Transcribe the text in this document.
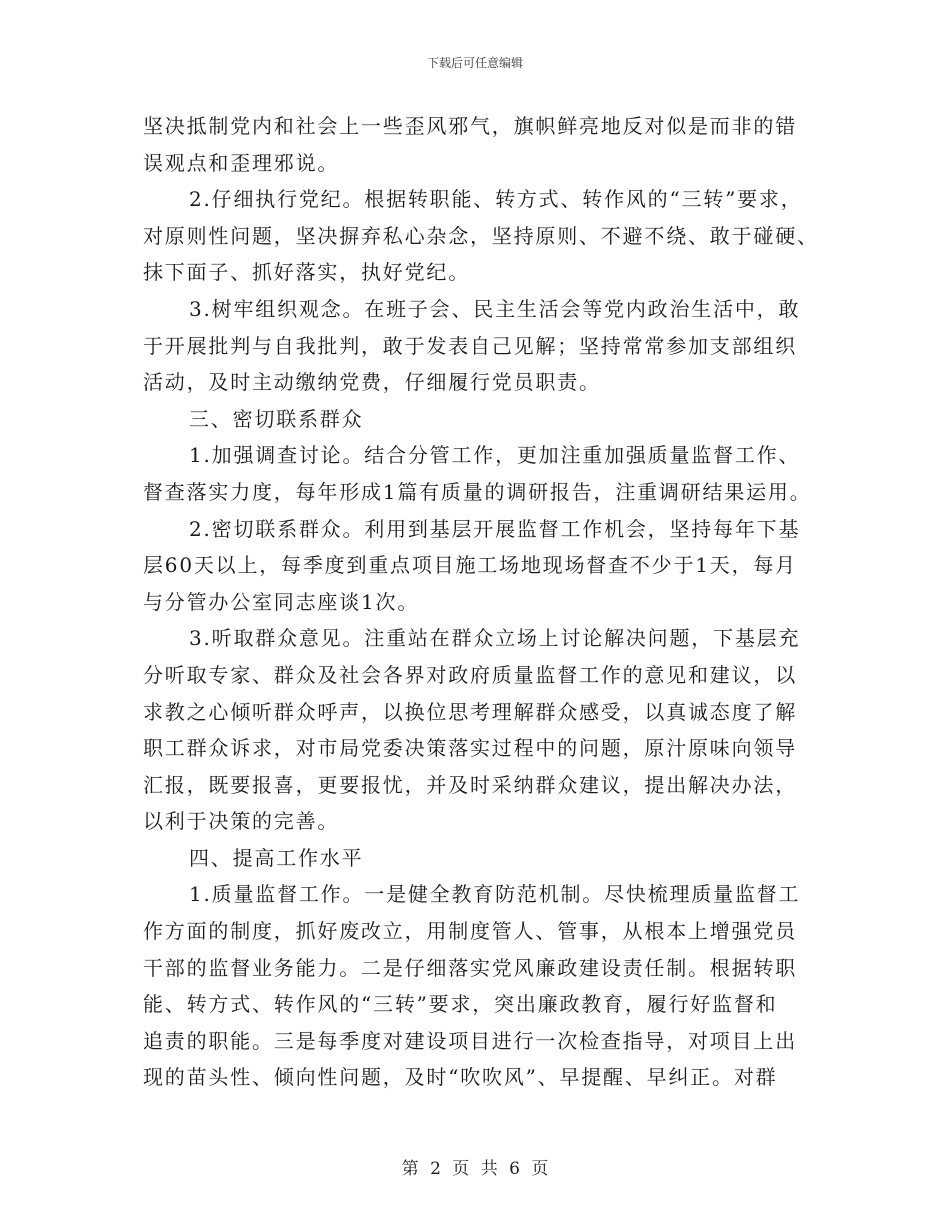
下载后可任意编辑
坚决抵制党内和社会上一些歪风邪气，旗帜鲜亮地反对似是而非的错
误观点和歪理邪说。
2.仔细执行党纪。根据转职能、转方式、转作风的“三转”要求，
对原则性问题，坚决摒弃私心杂念，坚持原则、不避不绕、敢于碰硬、
抹下面子、抓好落实，执好党纪。
3.树牢组织观念。在班子会、民主生活会等党内政治生活中，敢
于开展批判与自我批判，敢于发表自己见解；坚持常常参加支部组织
活动，及时主动缴纳党费，仔细履行党员职责。
三、密切联系群众
1.加强调查讨论。结合分管工作，更加注重加强质量监督工作、
督查落实力度，每年形成1篇有质量的调研报告，注重调研结果运用。
2.密切联系群众。利用到基层开展监督工作机会，坚持每年下基
层60天以上，每季度到重点项目施工场地现场督查不少于1天，每月
与分管办公室同志座谈1次。
3.听取群众意见。注重站在群众立场上讨论解决问题，下基层充
分听取专家、群众及社会各界对政府质量监督工作的意见和建议，以
求教之心倾听群众呼声，以换位思考理解群众感受，以真诚态度了解
职工群众诉求，对市局党委决策落实过程中的问题，原汁原味向领导
汇报，既要报喜，更要报忧，并及时采纳群众建议，提出解决办法，
以利于决策的完善。
四、提高工作水平
1.质量监督工作。一是健全教育防范机制。尽快梳理质量监督工
作方面的制度，抓好废改立，用制度管人、管事，从根本上增强党员
干部的监督业务能力。二是仔细落实党风廉政建设责任制。根据转职
能、转方式、转作风的“三转”要求，突出廉政教育，履行好监督和
追责的职能。三是每季度对建设项目进行一次检查指导，对项目上出
现的苗头性、倾向性问题，及时“吹吹风”、早提醒、早纠正。对群
第 2 页 共 6 页
